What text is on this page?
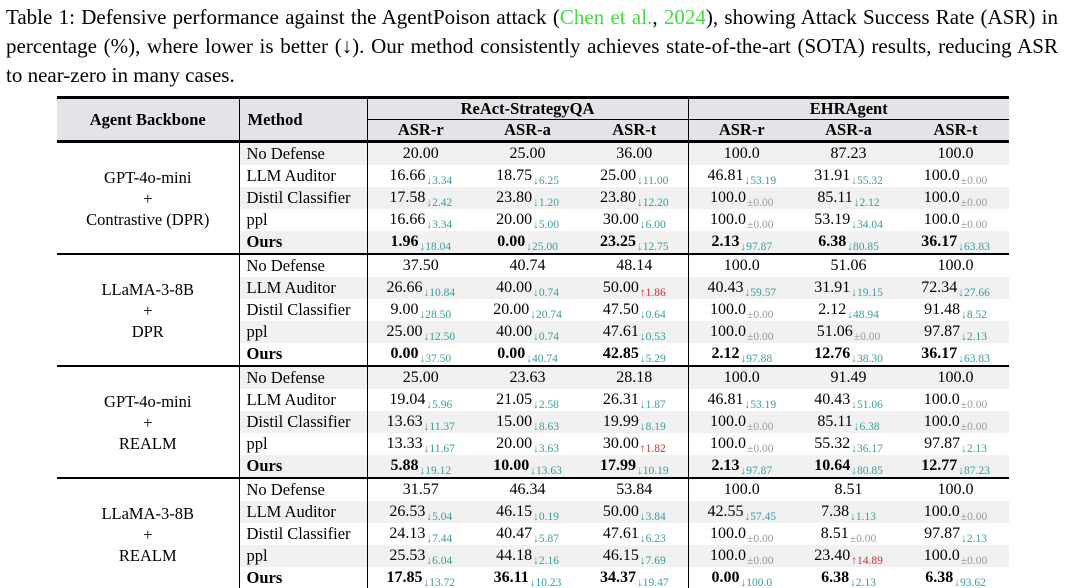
Table 1: Defensive performance against the AgentPoison attack (Chen et al., 2024), showing Attack Success Rate (ASR) in percentage (%), where lower is better (↓). Our method consistently achieves state-of-the-art (SOTA) results, reducing ASR to near-zero in many cases.

Agent Backbone	Method	ReAct-StrategyQA			EHRAgent		
		ASR-r	ASR-a	ASR-t	ASR-r	ASR-a	ASR-t
GPT-4o-mini
+
Contrastive (DPR)	No Defense	20.00	25.00	36.00	100.0	87.23	100.0
	LLM Auditor	$16.66_{↓3.34}$	$18.75_{↓6.25}$	$25.00_{↓11.00}$	$46.81_{↓53.19}$	$31.91_{↓55.32}$	$100.0_{\pm 0.00}$
	Distil Classifier	$17.58_{↓2.42}$	$23.80_{↓1.20}$	$23.80_{↓12.20}$	$100.0_{\pm 0.00}$	$85.11_{↓2.12}$	$100.0_{\pm 0.00}$
	ppl	$16.66_{↓3.34}$	$20.00_{↓5.00}$	$30.00_{↓6.00}$	$100.0_{\pm 0.00}$	$53.19_{↓34.04}$	$100.0_{\pm 0.00}$
	Ours	$1.96_{↓18.04}$	$0.00_{↓25.00}$	$23.25_{↓12.75}$	$2.13_{↓97.87}$	$6.38_{↓80.85}$	$36.17_{↓63.83}$
LLaMA-3-8B
+
DPR	No Defense	37.50	40.74	48.14	100.0	51.06	100.0
	LLM Auditor	$26.66_{↓10.84}$	$40.00_{↓0.74}$	$50.00_{↑1.86}$	$40.43_{↓59.57}$	$31.91_{↓19.15}$	$72.34_{↓27.66}$
	Distil Classifier	$9.00_{↓28.50}$	$20.00_{↓20.74}$	$47.50_{↓0.64}$	$100.0_{\pm 0.00}$	$2.12_{↓48.94}$	$91.48_{↓8.52}$
	ppl	$25.00_{↓12.50}$	$40.00_{↓0.74}$	$47.61_{↓0.53}$	$100.0_{\pm 0.00}$	$51.06_{\pm 0.00}$	$97.87_{↓2.13}$
	Ours	$0.00_{↓37.50}$	$0.00_{↓40.74}$	$42.85_{↓5.29}$	$2.12_{↓97.88}$	$12.76_{↓38.30}$	$36.17_{↓63.83}$
GPT-4o-mini
+
REALM	No Defense	25.00	23.63	28.18	100.0	91.49	100.0
	LLM Auditor	$19.04_{↓5.96}$	$21.05_{↓2.58}$	$26.31_{↓1.87}$	$46.81_{↓53.19}$	$40.43_{↓51.06}$	$100.0_{\pm 0.00}$
	Distil Classifier	$13.63_{↓11.37}$	$15.00_{↓8.63}$	$19.99_{↓8.19}$	$100.0_{\pm 0.00}$	$85.11_{↓6.38}$	$100.0_{\pm 0.00}$
	ppl	$13.33_{↓11.67}$	$20.00_{↓3.63}$	$30.00_{↑1.82}$	$100.0_{\pm 0.00}$	$55.32_{↓36.17}$	$97.87_{↓2.13}$
	Ours	$5.88_{↓19.12}$	$10.00_{↓13.63}$	$17.99_{↓10.19}$	$2.13_{↓97.87}$	$10.64_{↓80.85}$	$12.77_{↓87.23}$
LLaMA-3-8B
+
REALM	No Defense	31.57	46.34	53.84	100.0	8.51	100.0
	LLM Auditor	$26.53_{↓5.04}$	$46.15_{↓0.19}$	$50.00_{↓3.84}$	$42.55_{↓57.45}$	$7.38_{↓1.13}$	$100.0_{\pm 0.00}$
	Distil Classifier	$24.13_{↓7.44}$	$40.47_{↓5.87}$	$47.61_{↓6.23}$	$100.0_{\pm 0.00}$	$8.51_{\pm 0.00}$	$97.87_{↓2.13}$
	ppl	$25.53_{↓6.04}$	$44.18_{↓2.16}$	$46.15_{↓7.69}$	$100.0_{\pm 0.00}$	$23.40_{↑14.89}$	$100.0_{\pm 0.00}$
	Ours	$17.85_{↓13.72}$	$36.11_{↓10.23}$	$34.37_{↓19.47}$	$0.00_{↓100.0}$	$6.38_{↓2.13}$	$6.38_{↓93.62}$
